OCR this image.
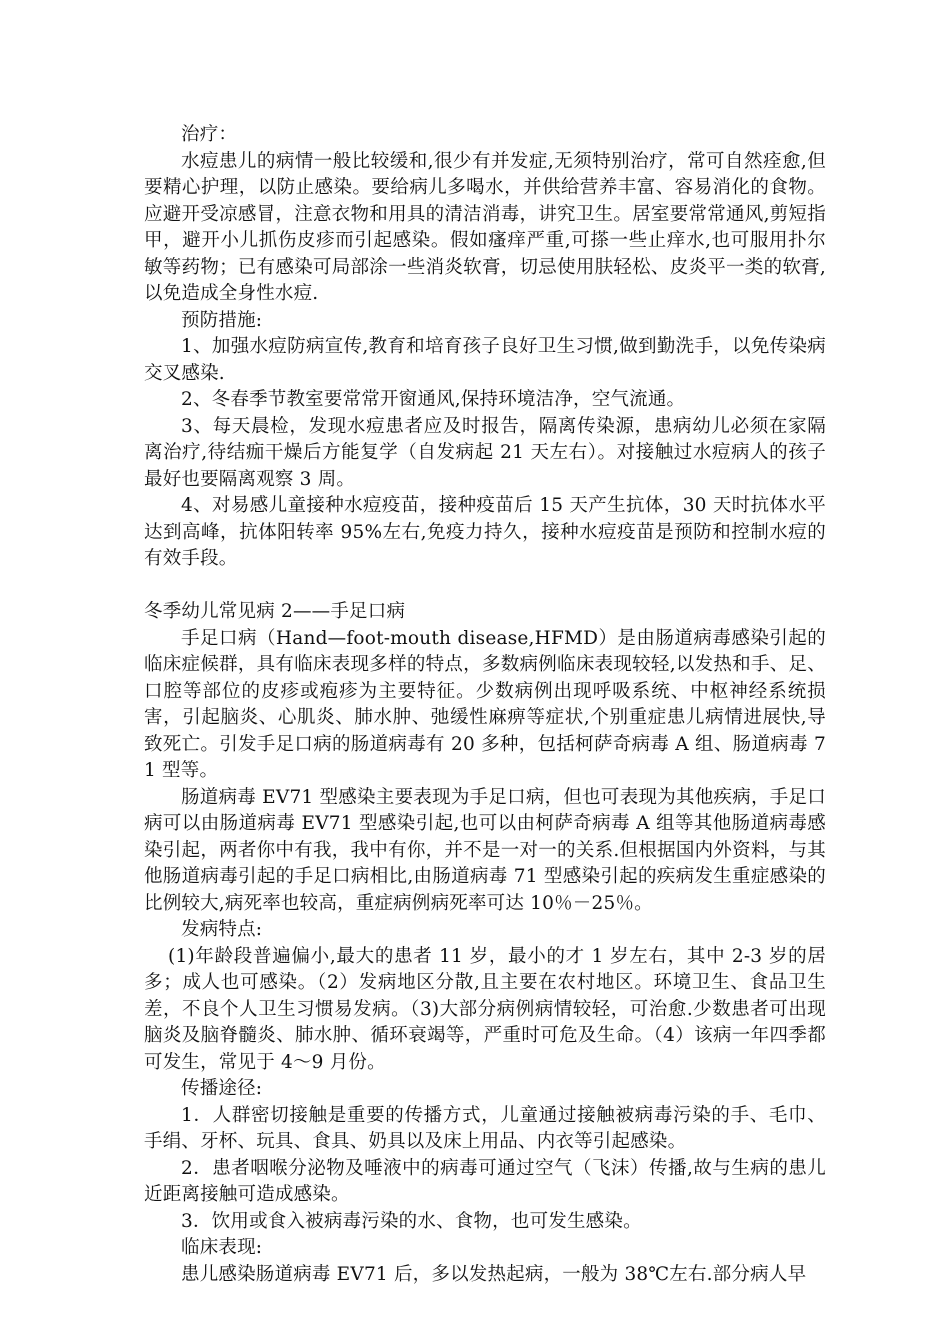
治疗：

水痘患儿的病情一般比较缓和,很少有并发症,无须特别治疗，常可自然痊愈,但要精心护理，以防止感染。要给病儿多喝水，并供给营养丰富、容易消化的食物。应避开受凉感冒，注意衣物和用具的清洁消毒，讲究卫生。居室要常常通风,剪短指甲，避开小儿抓伤皮疹而引起感染。假如瘙痒严重,可搽一些止痒水,也可服用扑尔敏等药物；已有感染可局部涂一些消炎软膏，切忌使用肤轻松、皮炎平一类的软膏,以免造成全身性水痘.

预防措施:

1、加强水痘防病宣传,教育和培育孩子良好卫生习惯,做到勤洗手，以免传染病交叉感染.

2、冬春季节教室要常常开窗通风,保持环境洁净，空气流通。

3、每天晨检，发现水痘患者应及时报告，隔离传染源，患病幼儿必须在家隔离治疗,待结痂干燥后方能复学（自发病起 21 天左右）。对接触过水痘病人的孩子最好也要隔离观察 3 周。

4、对易感儿童接种水痘疫苗，接种疫苗后 15 天产生抗体，30 天时抗体水平达到高峰，抗体阳转率 95%左右,免疫力持久，接种水痘疫苗是预防和控制水痘的有效手段。

冬季幼儿常见病 2——手足口病

手足口病（Hand—foot-mouth disease,HFMD）是由肠道病毒感染引起的临床症候群，具有临床表现多样的特点，多数病例临床表现较轻,以发热和手、足、口腔等部位的皮疹或疱疹为主要特征。少数病例出现呼吸系统、中枢神经系统损害，引起脑炎、心肌炎、肺水肿、弛缓性麻痹等症状,个别重症患儿病情进展快,导致死亡。引发手足口病的肠道病毒有 20 多种，包括柯萨奇病毒 A 组、肠道病毒 71 型等。

肠道病毒 EV71 型感染主要表现为手足口病，但也可表现为其他疾病，手足口病可以由肠道病毒 EV71 型感染引起,也可以由柯萨奇病毒 A 组等其他肠道病毒感染引起，两者你中有我，我中有你，并不是一对一的关系.但根据国内外资料，与其他肠道病毒引起的手足口病相比,由肠道病毒 71 型感染引起的疾病发生重症感染的比例较大,病死率也较高，重症病例病死率可达 10％－25％。

发病特点:

(1)年龄段普遍偏小,最大的患者 11 岁，最小的才 1 岁左右，其中 2-3 岁的居多；成人也可感染。（2）发病地区分散,且主要在农村地区。环境卫生、食品卫生差，不良个人卫生习惯易发病。（3)大部分病例病情较轻，可治愈.少数患者可出现脑炎及脑脊髓炎、肺水肿、循环衰竭等，严重时可危及生命。（4）该病一年四季都可发生，常见于 4～9 月份。

传播途径:

1．人群密切接触是重要的传播方式，儿童通过接触被病毒污染的手、毛巾、手绢、牙杯、玩具、食具、奶具以及床上用品、内衣等引起感染。

2．患者咽喉分泌物及唾液中的病毒可通过空气（飞沫）传播,故与生病的患儿近距离接触可造成感染。

3．饮用或食入被病毒污染的水、食物，也可发生感染。

临床表现:

患儿感染肠道病毒 EV71 后，多以发热起病，一般为 38℃左右.部分病人早
